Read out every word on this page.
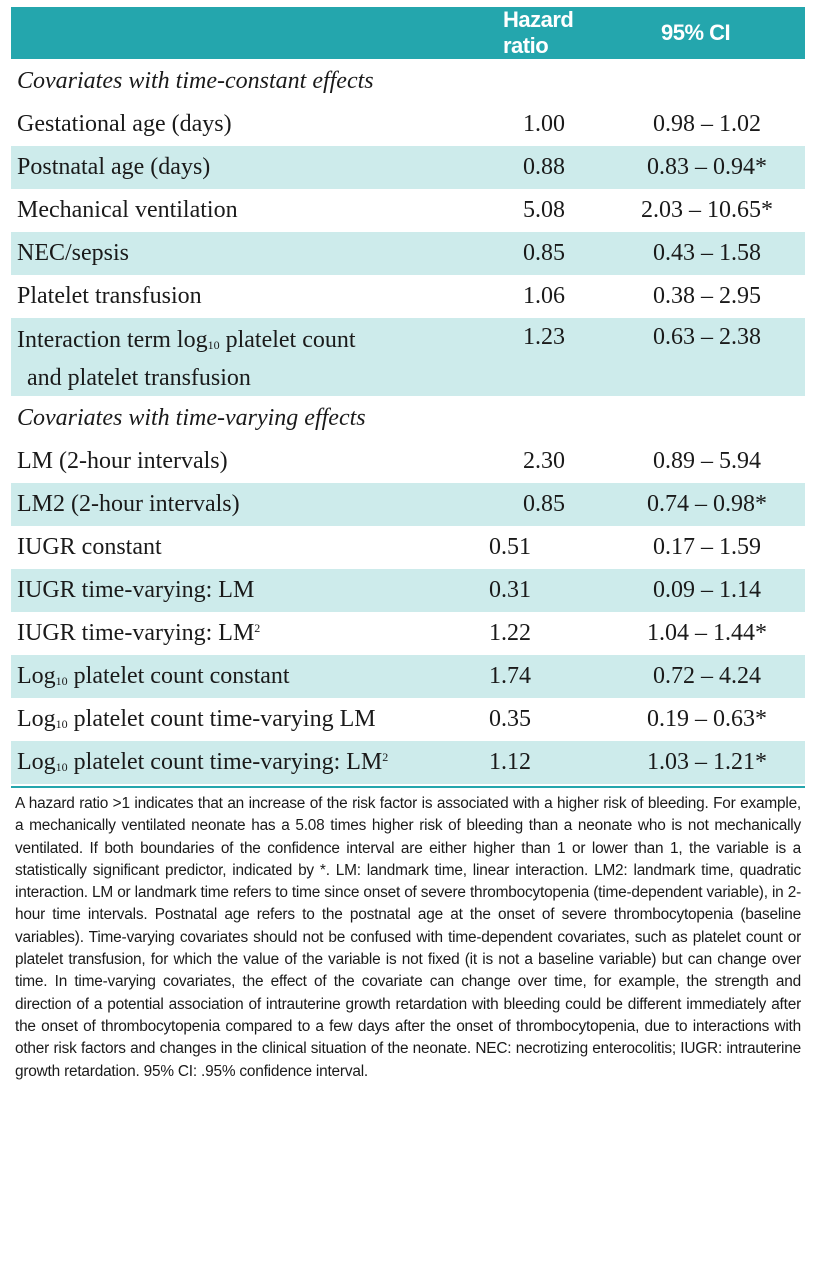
	Hazard ratio	95% CI
Covariates with time-constant effects		
Gestational age (days)	1.00	0.98 – 1.02
Postnatal age (days)	0.88	0.83 – 0.94*
Mechanical ventilation	5.08	2.03 – 10.65*
NEC/sepsis	0.85	0.43 – 1.58
Platelet transfusion	1.06	0.38 – 2.95

Interaction term $\log_{10}$ platelet count
and platelet transfusion	1.23	0.63 – 2.38
Covariates with time-varying effects		
LM (2-hour intervals)	2.30	0.89 – 5.94
LM2 (2-hour intervals)	0.85	0.74 – 0.98*
IUGR constant	0.51	0.17 – 1.59
IUGR time-varying: LM	0.31	0.09 – 1.14
IUGR time-varying: $LM^2$	1.22	1.04 – 1.44*
Log$_{10}$ platelet count constant	1.74	0.72 – 4.24
Log$_{10}$ platelet count time-varying LM	0.35	0.19 – 0.63*
Log$_{10}$ platelet count time-varying: $LM^2$	1.12	1.03 – 1.21*
A hazard ratio >1 indicates that an increase of the risk factor is associated with a higher risk of bleeding. For example, a mechanically ventilated neonate has a 5.08 times higher risk of bleeding than a neonate who is not mechanically ventilated. If both boundaries of the confidence interval are either higher than 1 or lower than 1, the variable is a statistically significant predictor, indicated by *. LM: landmark time, linear interaction. LM2: landmark time, quadratic interaction. LM or landmark time refers to time since onset of severe thrombocytopenia (time-dependent variable), in 2-hour time intervals. Postnatal age refers to the postnatal age at the onset of severe thrombocytopenia (baseline variables). Time-varying covariates should not be confused with time-dependent covariates, such as platelet count or platelet transfusion, for which the value of the variable is not fixed (it is not a baseline variable) but can change over time. In time-varying covariates, the effect of the covariate can change over time, for example, the strength and direction of a potential association of intrauterine growth retardation with bleeding could be different immediately after the onset of thrombocytopenia compared to a few days after the onset of thrombocytopenia, due to interactions with other risk factors and changes in the clinical situation of the neonate. NEC: necrotizing enterocolitis; IUGR: intrauterine growth retardation. 95% CI: .95% confidence interval.
